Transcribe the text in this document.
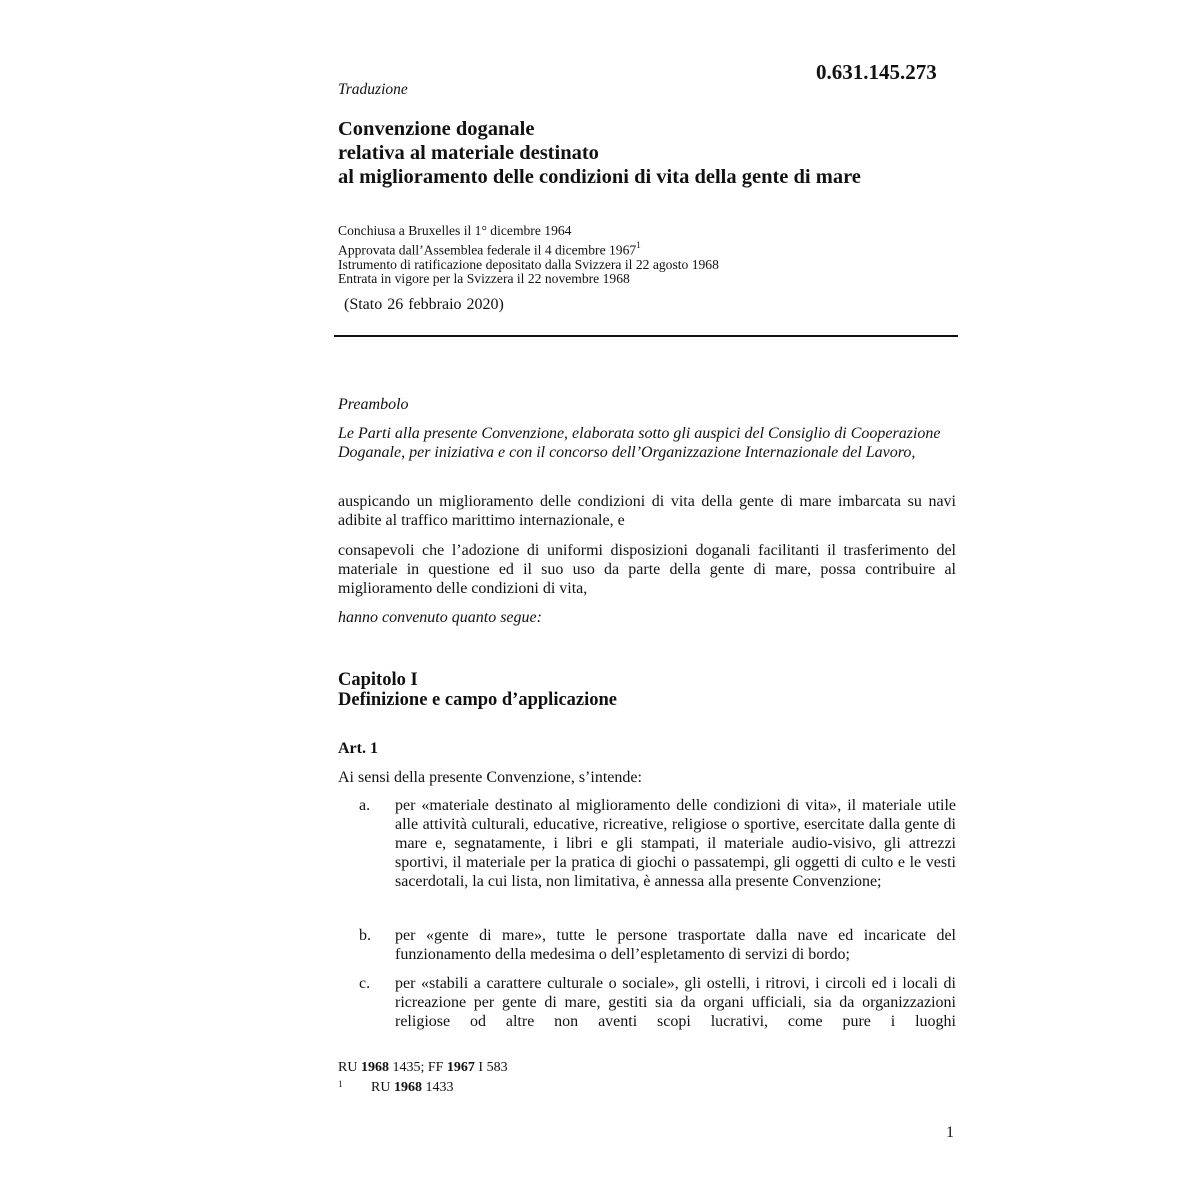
0.631.145.273
Traduzione
Convenzione doganale
relativa al materiale destinato
al miglioramento delle condizioni di vita della gente di mare
Conchiusa a Bruxelles il 1° dicembre 1964
Approvata dall’Assemblea federale il 4 dicembre 1967$^1$
Istrumento di ratificazione depositato dalla Svizzera il 22 agosto 1968
Entrata in vigore per la Svizzera il 22 novembre 1968
(Stato 26 febbraio 2020)
Preambolo
Le Parti alla presente Convenzione, elaborata sotto gli auspici del Consiglio di Cooperazione Doganale, per iniziativa e con il concorso dell’Organizzazione Internazionale del Lavoro,
auspicando un miglioramento delle condizioni di vita della gente di mare imbarcata su navi adibite al traffico marittimo internazionale, e
consapevoli che l’adozione di uniformi disposizioni doganali facilitanti il trasferimento del materiale in questione ed il suo uso da parte della gente di mare, possa contribuire al miglioramento delle condizioni di vita,
hanno convenuto quanto segue:
Capitolo I
Definizione e campo d’applicazione
Art. 1
Ai sensi della presente Convenzione, s’intende:
a. per «materiale destinato al miglioramento delle condizioni di vita», il materiale utile alle attività culturali, educative, ricreative, religiose o sportive, esercitate dalla gente di mare e, segnatamente, i libri e gli stampati, il materiale audio-visivo, gli attrezzi sportivi, il materiale per la pratica di giochi o passatempi, gli oggetti di culto e le vesti sacerdotali, la cui lista, non limitativa, è annessa alla presente Convenzione;
b. per «gente di mare», tutte le persone trasportate dalla nave ed incaricate del funzionamento della medesima o dell’espletamento di servizi di bordo;
c. per «stabili a carattere culturale o sociale», gli ostelli, i ritrovi, i circoli ed i locali di ricreazione per gente di mare, gestiti sia da organi ufficiali, sia da organizzazioni religiose od altre non aventi scopi lucrativi, come pure i luoghi
RU 1968 1435; FF 1967 I 583
1 RU 1968 1433
1
